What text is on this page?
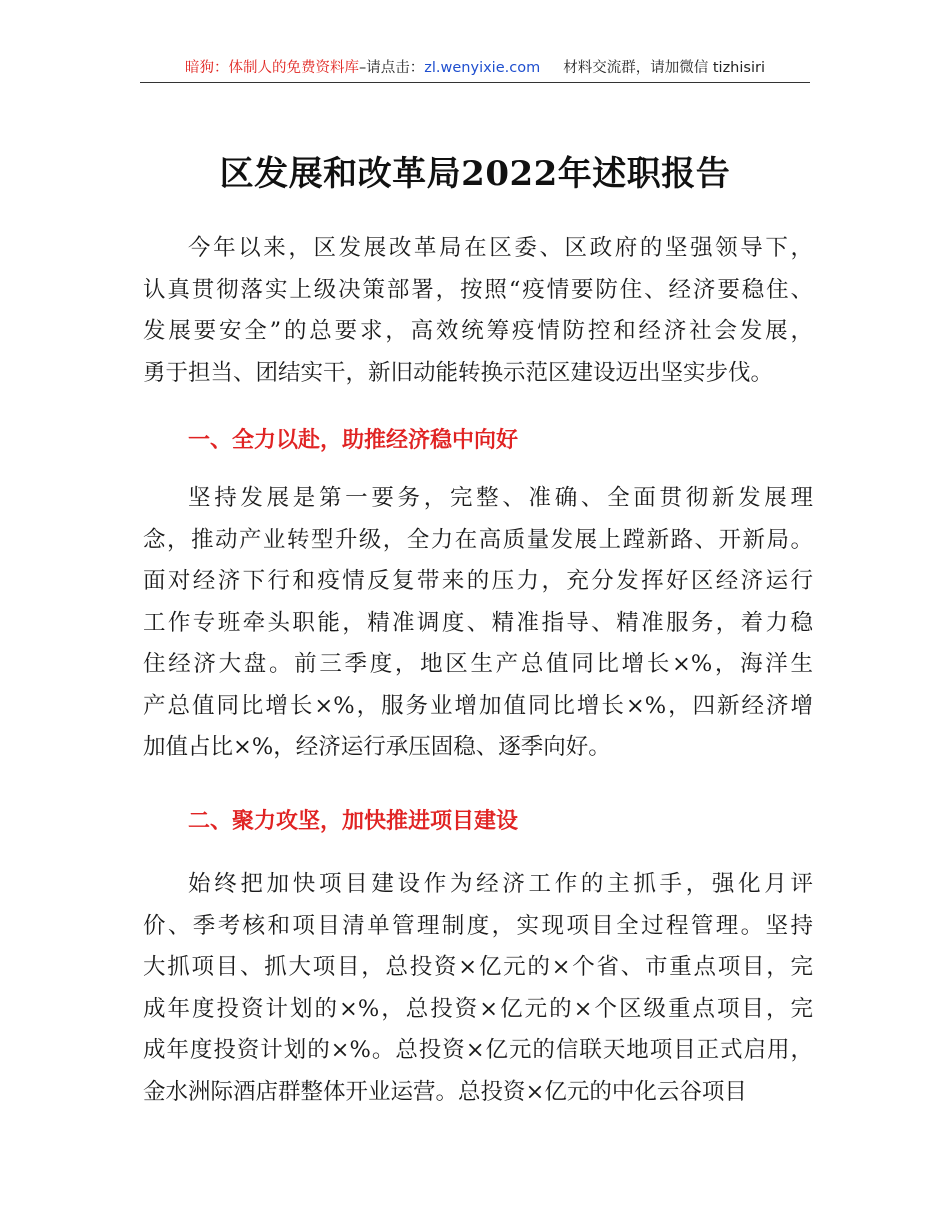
暗狗：体制人的免费资料库–请点击：zl.wenyixie.com 材料交流群，请加微信 tizhisiri
区发展和改革局2022年述职报告
今年以来，区发展改革局在区委、区政府的坚强领导下，
认真贯彻落实上级决策部署，按照“疫情要防住、经济要稳住、
发展要安全”的总要求，高效统筹疫情防控和经济社会发展，
勇于担当、团结实干，新旧动能转换示范区建设迈出坚实步伐。
一、全力以赴，助推经济稳中向好
坚持发展是第一要务，完整、准确、全面贯彻新发展理
念，推动产业转型升级，全力在高质量发展上蹚新路、开新局。
面对经济下行和疫情反复带来的压力，充分发挥好区经济运行
工作专班牵头职能，精准调度、精准指导、精准服务，着力稳
住经济大盘。前三季度，地区生产总值同比增长×%，海洋生
产总值同比增长×%，服务业增加值同比增长×%，四新经济增
加值占比×%，经济运行承压固稳、逐季向好。
二、聚力攻坚，加快推进项目建设
始终把加快项目建设作为经济工作的主抓手，强化月评
价、季考核和项目清单管理制度，实现项目全过程管理。坚持
大抓项目、抓大项目，总投资×亿元的×个省、市重点项目，完
成年度投资计划的×%，总投资×亿元的×个区级重点项目，完
成年度投资计划的×%。总投资×亿元的信联天地项目正式启用，
金水洲际酒店群整体开业运营。总投资×亿元的中化云谷项目
